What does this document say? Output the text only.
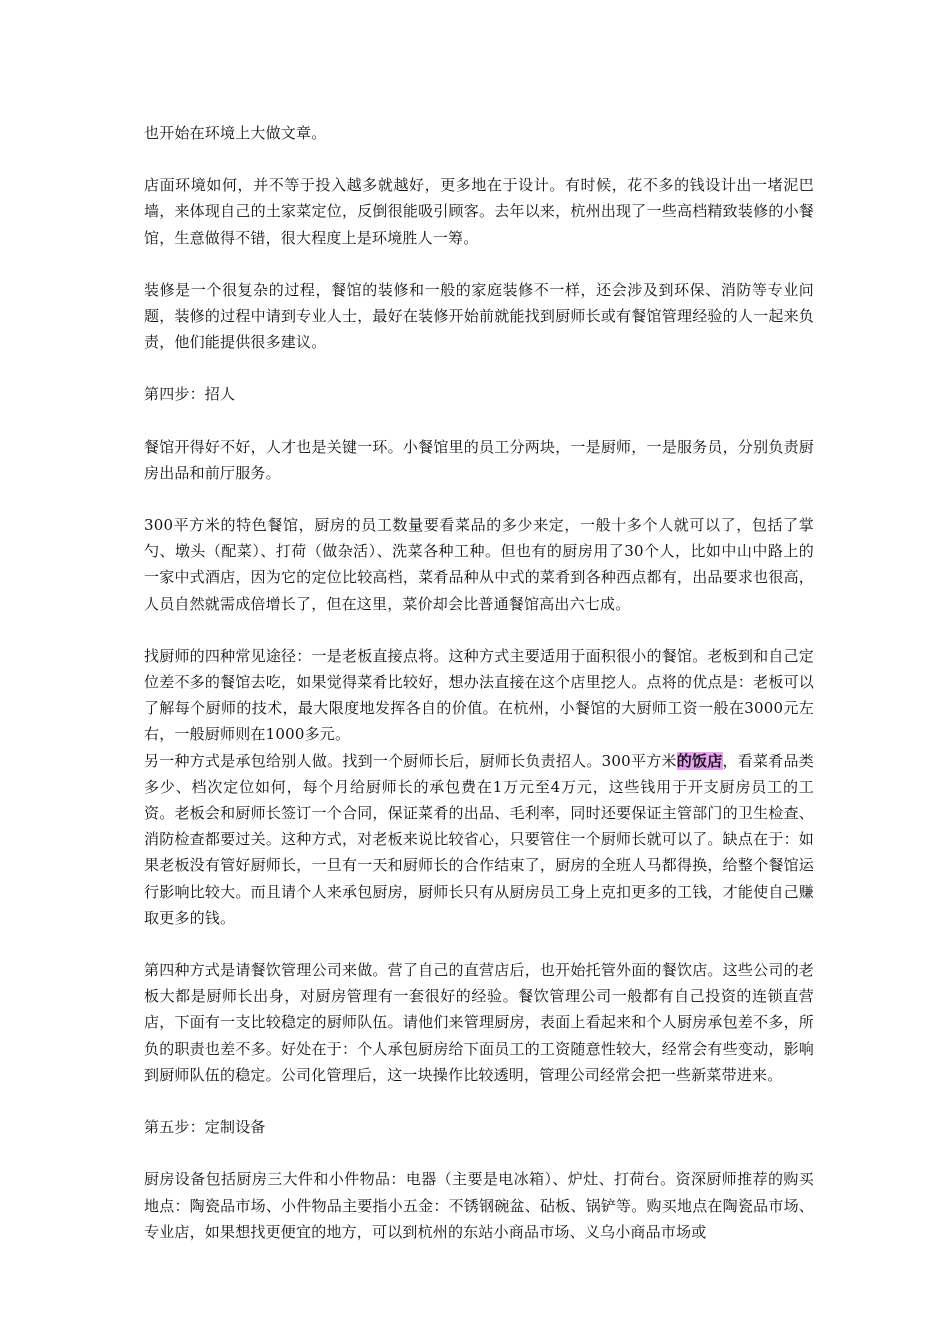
也开始在环境上大做文章。

店面环境如何，并不等于投入越多就越好，更多地在于设计。有时候，花不多的钱设计出一堵泥巴墙，来体现自己的土家菜定位，反倒很能吸引顾客。去年以来，杭州出现了一些高档精致装修的小餐馆，生意做得不错，很大程度上是环境胜人一筹。

装修是一个很复杂的过程，餐馆的装修和一般的家庭装修不一样，还会涉及到环保、消防等专业问题，装修的过程中请到专业人士，最好在装修开始前就能找到厨师长或有餐馆管理经验的人一起来负责，他们能提供很多建议。

第四步：招人

餐馆开得好不好，人才也是关键一环。小餐馆里的员工分两块，一是厨师，一是服务员，分别负责厨房出品和前厅服务。

300平方米的特色餐馆，厨房的员工数量要看菜品的多少来定，一般十多个人就可以了，包括了掌勺、墩头（配菜）、打荷（做杂活）、洗菜各种工种。但也有的厨房用了30个人，比如中山中路上的一家中式酒店，因为它的定位比较高档，菜肴品种从中式的菜肴到各种西点都有，出品要求也很高，人员自然就需成倍增长了，但在这里，菜价却会比普通餐馆高出六七成。

找厨师的四种常见途径：一是老板直接点将。这种方式主要适用于面积很小的餐馆。老板到和自己定位差不多的餐馆去吃，如果觉得菜肴比较好，想办法直接在这个店里挖人。点将的优点是：老板可以了解每个厨师的技术，最大限度地发挥各自的价值。在杭州，小餐馆的大厨师工资一般在3000元左右，一般厨师则在1000多元。

另一种方式是承包给别人做。找到一个厨师长后，厨师长负责招人。300平方米的饭店，看菜肴品类多少、档次定位如何，每个月给厨师长的承包费在1万元至4万元，这些钱用于开支厨房员工的工资。老板会和厨师长签订一个合同，保证菜肴的出品、毛利率，同时还要保证主管部门的卫生检查、消防检查都要过关。这种方式，对老板来说比较省心，只要管住一个厨师长就可以了。缺点在于：如果老板没有管好厨师长，一旦有一天和厨师长的合作结束了，厨房的全班人马都得换，给整个餐馆运行影响比较大。而且请个人来承包厨房，厨师长只有从厨房员工身上克扣更多的工钱，才能使自己赚取更多的钱。

第四种方式是请餐饮管理公司来做。营了自己的直营店后，也开始托管外面的餐饮店。这些公司的老板大都是厨师长出身，对厨房管理有一套很好的经验。餐饮管理公司一般都有自己投资的连锁直营店，下面有一支比较稳定的厨师队伍。请他们来管理厨房，表面上看起来和个人厨房承包差不多，所负的职责也差不多。好处在于：个人承包厨房给下面员工的工资随意性较大，经常会有些变动，影响到厨师队伍的稳定。公司化管理后，这一块操作比较透明，管理公司经常会把一些新菜带进来。

第五步：定制设备

厨房设备包括厨房三大件和小件物品：电器（主要是电冰箱）、炉灶、打荷台。资深厨师推荐的购买地点：陶瓷品市场、小件物品主要指小五金：不锈钢碗盆、砧板、锅铲等。购买地点在陶瓷品市场、专业店，如果想找更便宜的地方，可以到杭州的东站小商品市场、义乌小商品市场或
